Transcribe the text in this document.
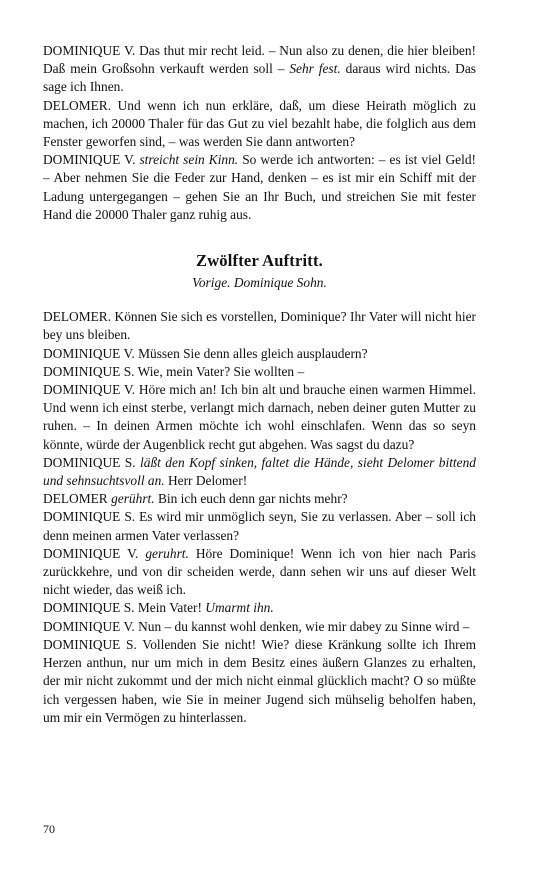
DOMINIQUE V. Das thut mir recht leid. – Nun also zu denen, die hier bleiben! Daß mein Großsohn verkauft werden soll – Sehr fest. daraus wird nichts. Das sage ich Ihnen.

DELOMER. Und wenn ich nun erkläre, daß, um diese Heirath möglich zu machen, ich 20000 Thaler für das Gut zu viel bezahlt habe, die folglich aus dem Fenster geworfen sind, – was werden Sie dann antworten?

DOMINIQUE V. streicht sein Kinn. So werde ich antworten: – es ist viel Geld! – Aber nehmen Sie die Feder zur Hand, denken – es ist mir ein Schiff mit der Ladung untergegangen – gehen Sie an Ihr Buch, und streichen Sie mit fester Hand die 20000 Thaler ganz ruhig aus.

Zwölfter Auftritt.
Vorige. Dominique Sohn.

DELOMER. Können Sie sich es vorstellen, Dominique? Ihr Vater will nicht hier bey uns bleiben.

DOMINIQUE V. Müssen Sie denn alles gleich ausplaudern?

DOMINIQUE S. Wie, mein Vater? Sie wollten –

DOMINIQUE V. Höre mich an! Ich bin alt und brauche einen warmen Himmel. Und wenn ich einst sterbe, verlangt mich darnach, neben deiner guten Mutter zu ruhen. – In deinen Armen möchte ich wohl einschlafen. Wenn das so seyn könnte, würde der Augenblick recht gut abgehen. Was sagst du dazu?

DOMINIQUE S. läßt den Kopf sinken, faltet die Hände, sieht Delomer bittend und sehnsuchtsvoll an. Herr Delomer!

DELOMER gerührt. Bin ich euch denn gar nichts mehr?

DOMINIQUE S. Es wird mir unmöglich seyn, Sie zu verlassen. Aber – soll ich denn meinen armen Vater verlassen?

DOMINIQUE V. geruhrt. Höre Dominique! Wenn ich von hier nach Paris zurückkehre, und von dir scheiden werde, dann sehen wir uns auf dieser Welt nicht wieder, das weiß ich.

DOMINIQUE S. Mein Vater! Umarmt ihn.

DOMINIQUE V. Nun – du kannst wohl denken, wie mir dabey zu Sinne wird –

DOMINIQUE S. Vollenden Sie nicht! Wie? diese Kränkung sollte ich Ihrem Herzen anthun, nur um mich in dem Besitz eines äußern Glanzes zu erhalten, der mir nicht zukommt und der mich nicht einmal glücklich macht? O so müßte ich vergessen haben, wie Sie in meiner Jugend sich mühselig beholfen haben, um mir ein Vermögen zu hinterlassen.

70
